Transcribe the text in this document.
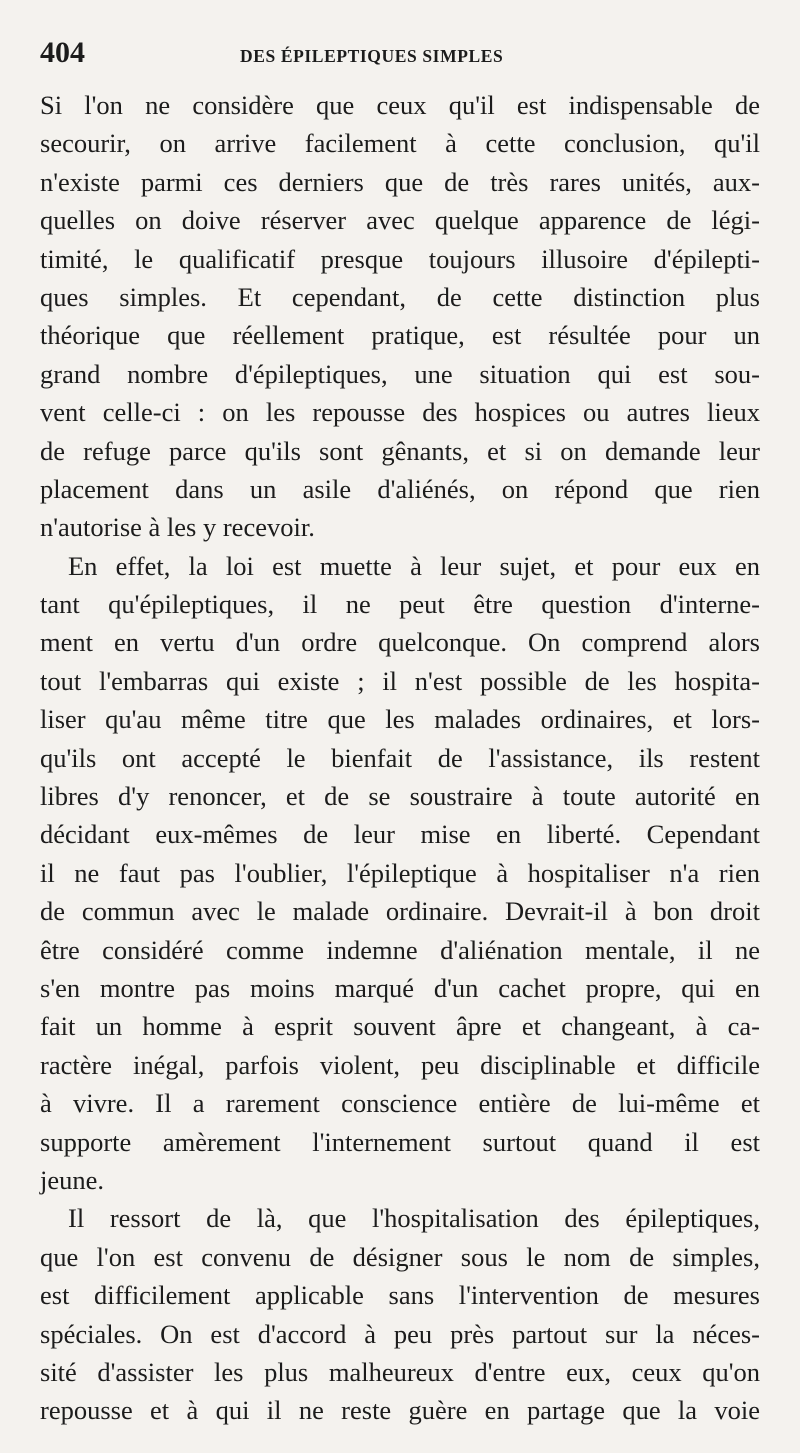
404	DES ÉPILEPTIQUES SIMPLES
Si l'on ne considère que ceux qu'il est indispensable de
secourir, on arrive facilement à cette conclusion, qu'il
n'existe parmi ces derniers que de très rares unités, aux-
quelles on doive réserver avec quelque apparence de légi-
timité, le qualificatif presque toujours illusoire d'épilepti-
ques simples. Et cependant, de cette distinction plus
théorique que réellement pratique, est résultée pour un
grand nombre d'épileptiques, une situation qui est sou-
vent celle-ci : on les repousse des hospices ou autres lieux
de refuge parce qu'ils sont gênants, et si on demande leur
placement dans un asile d'aliénés, on répond que rien
n'autorise à les y recevoir.
En effet, la loi est muette à leur sujet, et pour eux en
tant qu'épileptiques, il ne peut être question d'interne-
ment en vertu d'un ordre quelconque. On comprend alors
tout l'embarras qui existe ; il n'est possible de les hospita-
liser qu'au même titre que les malades ordinaires, et lors-
qu'ils ont accepté le bienfait de l'assistance, ils restent
libres d'y renoncer, et de se soustraire à toute autorité en
décidant eux-mêmes de leur mise en liberté. Cependant
il ne faut pas l'oublier, l'épileptique à hospitaliser n'a rien
de commun avec le malade ordinaire. Devrait-il à bon droit
être considéré comme indemne d'aliénation mentale, il ne
s'en montre pas moins marqué d'un cachet propre, qui en
fait un homme à esprit souvent âpre et changeant, à ca-
ractère inégal, parfois violent, peu disciplinable et difficile
à vivre. Il a rarement conscience entière de lui-même et
supporte amèrement l'internement surtout quand il est
jeune.
Il ressort de là, que l'hospitalisation des épileptiques,
que l'on est convenu de désigner sous le nom de simples,
est difficilement applicable sans l'intervention de mesures
spéciales. On est d'accord à peu près partout sur la néces-
sité d'assister les plus malheureux d'entre eux, ceux qu'on
repousse et à qui il ne reste guère en partage que la voie
